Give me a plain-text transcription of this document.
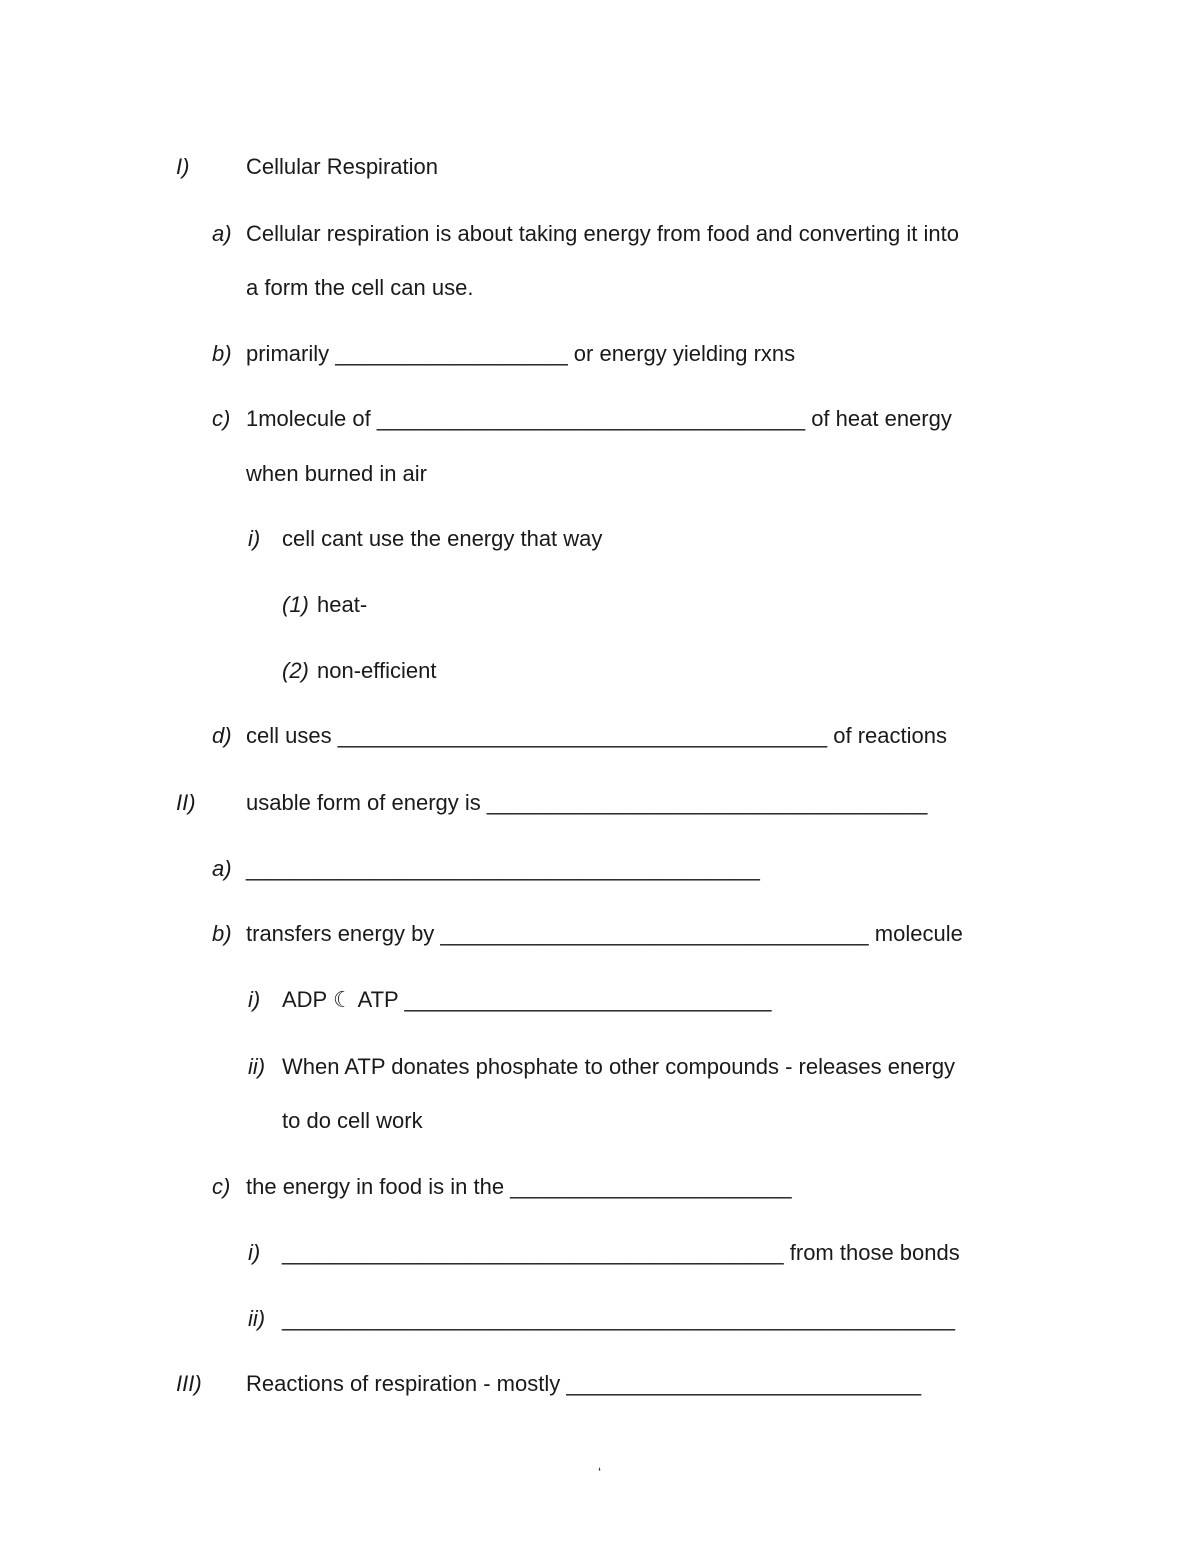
I)	Cellular Respiration
a) Cellular respiration is about taking energy from food and converting it into
a form the cell can use.
b) primarily ___________________ or energy yielding rxns
c) 1molecule of ___________________________________ of heat energy
when burned in air
i) cell cant use the energy that way
(1) heat-
(2) non-efficient
d) cell uses ________________________________________ of reactions
II) usable form of energy is ____________________________________
a) __________________________________________
b) transfers energy by ___________________________________ molecule
i) ADP ☾ ATP ______________________________
ii) When ATP donates phosphate to other compounds - releases energy
to do cell work
c) the energy in food is in the _______________________
i) _________________________________________ from those bonds
ii) _______________________________________________________
III) Reactions of respiration - mostly _____________________________
‘
